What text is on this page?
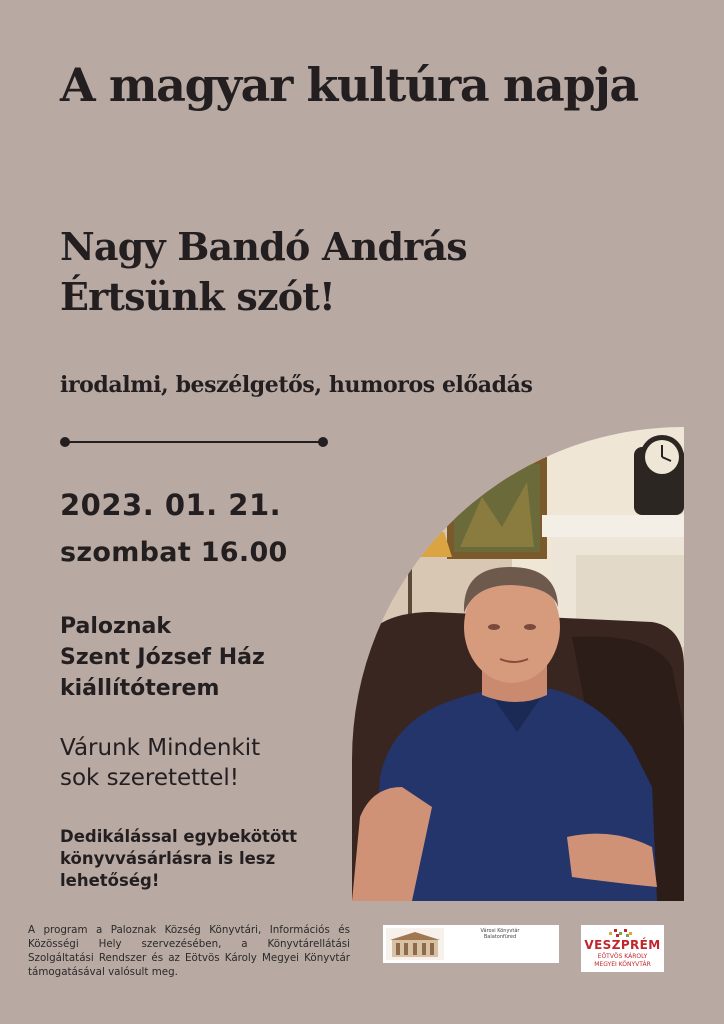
A magyar kultúra napja
Nagy Bandó András
Értsünk szót!
irodalmi, beszélgetős, humoros előadás
2023. 01. 21.
szombat 16.00
Paloznak
Szent József Ház
kiállítóterem
Várunk Mindenkit
sok szeretettel!
Dedikálással egybekötött
könyvvásárlásra is lesz
lehetőség!
A program a Paloznak Község Könyvtári, Információs és Közösségi Hely szervezésében, a Könyvtárellátási Szolgáltatási Rendszer és az Eötvös Károly Megyei Könyvtár támogatásával valósult meg.
Városi Könyvtár
Balatonfüred
VESZPRÉM
EÖTVÖS KÁROLY
MEGYEI KÖNYVTÁR
